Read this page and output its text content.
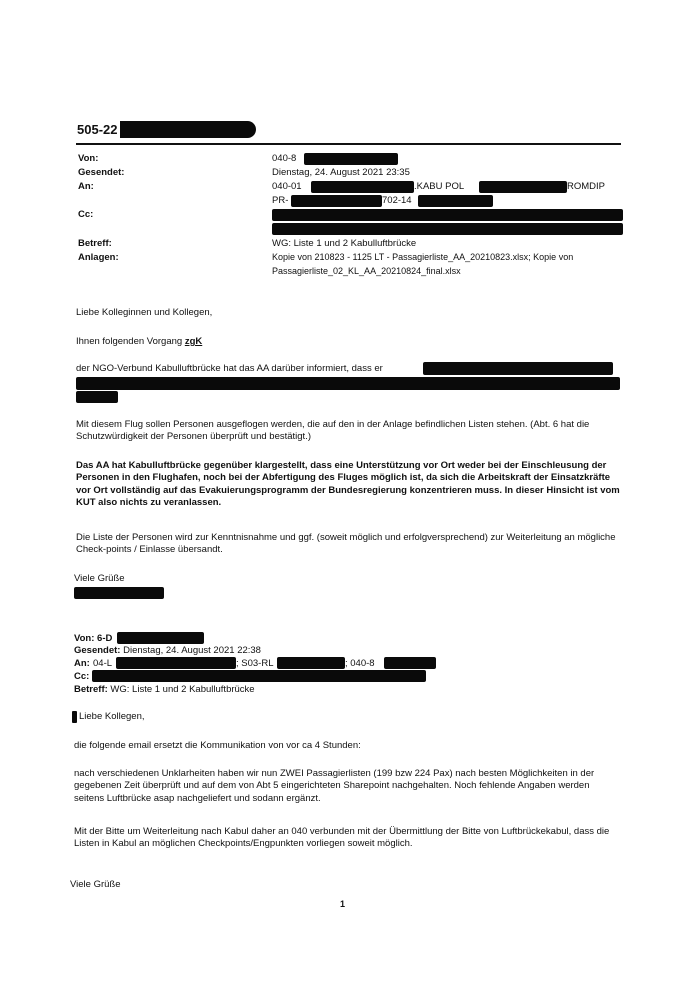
505-22
Von:	040-8
Gesendet:	Dienstag, 24. August 2021 23:35
An:	040-01	.KABU POL	ROMDIP
PR-	702-14
Cc:
Betreff:	WG: Liste 1 und 2 Kabulluftbrücke
Anlagen:	Kopie von 210823 - 1125 LT - Passagierliste_AA_20210823.xlsx; Kopie von
Passagierliste_02_KL_AA_20210824_final.xlsx
Liebe Kolleginnen und Kollegen,
Ihnen folgenden Vorgang zgK
der NGO-Verbund Kabulluftbrücke hat das AA darüber informiert, dass er
Mit diesem Flug sollen Personen ausgeflogen werden, die auf den in der Anlage befindlichen Listen stehen. (Abt. 6 hat die Schutzwürdigkeit der Personen überprüft und bestätigt.)
Das AA hat Kabulluftbrücke gegenüber klargestellt, dass eine Unterstützung vor Ort weder bei der Einschleusung der Personen in den Flughafen, noch bei der Abfertigung des Fluges möglich ist, da sich die Arbeitskraft der Einsatzkräfte vor Ort vollständig auf das Evakuierungsprogramm der Bundesregierung konzentrieren muss. In dieser Hinsicht ist vom KUT also nichts zu veranlassen.
Die Liste der Personen wird zur Kenntnisnahme und ggf. (soweit möglich und erfolgversprechend) zur Weiterleitung an mögliche Check-points / Einlasse übersandt.
Viele Grüße
Von: 6-D
Gesendet: Dienstag, 24. August 2021 22:38
An: 04-L	; S03-RL	; 040-8
Cc:
Betreff: WG: Liste 1 und 2 Kabulluftbrücke
Liebe Kollegen,
die folgende email ersetzt die Kommunikation von vor ca 4 Stunden:
nach verschiedenen Unklarheiten haben wir nun ZWEI Passagierlisten (199 bzw 224 Pax) nach besten Möglichkeiten in der gegebenen Zeit überprüft und auf dem von Abt 5 eingerichteten Sharepoint nachgehalten. Noch fehlende Angaben werden seitens Luftbrücke asap nachgeliefert und sodann ergänzt.
Mit der Bitte um Weiterleitung nach Kabul daher an 040 verbunden mit der Übermittlung der Bitte von Luftbrückekabul, dass die Listen in Kabul an möglichen Checkpoints/Engpunkten vorliegen soweit möglich.
Viele Grüße
1
